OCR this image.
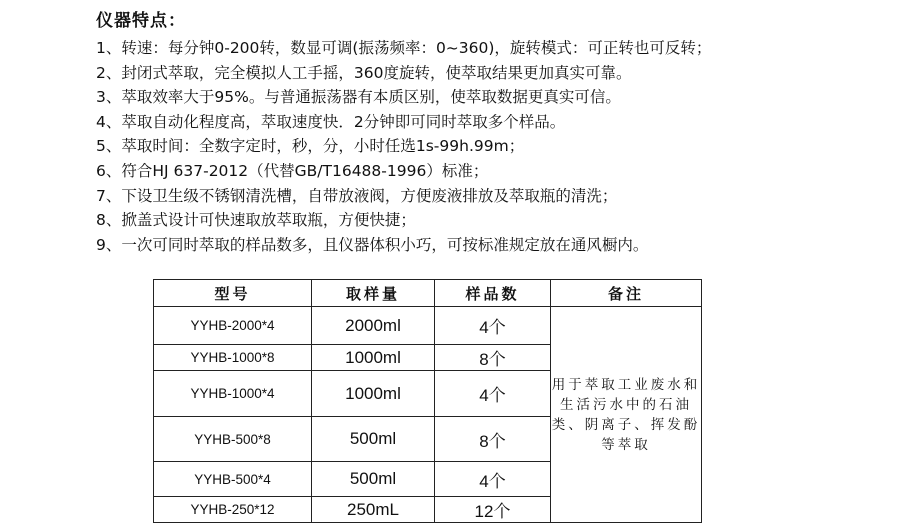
仪器特点：
1、转速：每分钟0-200转，数显可调(振荡频率：0~360)，旋转模式：可正转也可反转；
2、封闭式萃取，完全模拟人工手摇，360度旋转，使萃取结果更加真实可靠。
3、萃取效率大于95%。与普通振荡器有本质区别，使萃取数据更真实可信。
4、萃取自动化程度高，萃取速度快．2分钟即可同时萃取多个样品。
5、萃取时间：全数字定时，秒，分，小时任选1s-99h.99m；
6、符合HJ 637-2012（代替GB/T16488-1996）标准；
7、下设卫生级不锈钢清洗槽，自带放液阀，方便废液排放及萃取瓶的清洗；
8、掀盖式设计可快速取放萃取瓶，方便快捷；
9、一次可同时萃取的样品数多，且仪器体积小巧，可按标准规定放在通风橱内。
型号	取样量	样品数	备注
YYHB-2000*4	2000ml	4个	用于萃取工业废水和生活污水中的石油类、阴离子、挥发酚等萃取
YYHB-1000*8	1000ml	8个	
YYHB-1000*4	1000ml	4个	
YYHB-500*8	500ml	8个	
YYHB-500*4	500ml	4个	
YYHB-250*12	250mL	12个	
